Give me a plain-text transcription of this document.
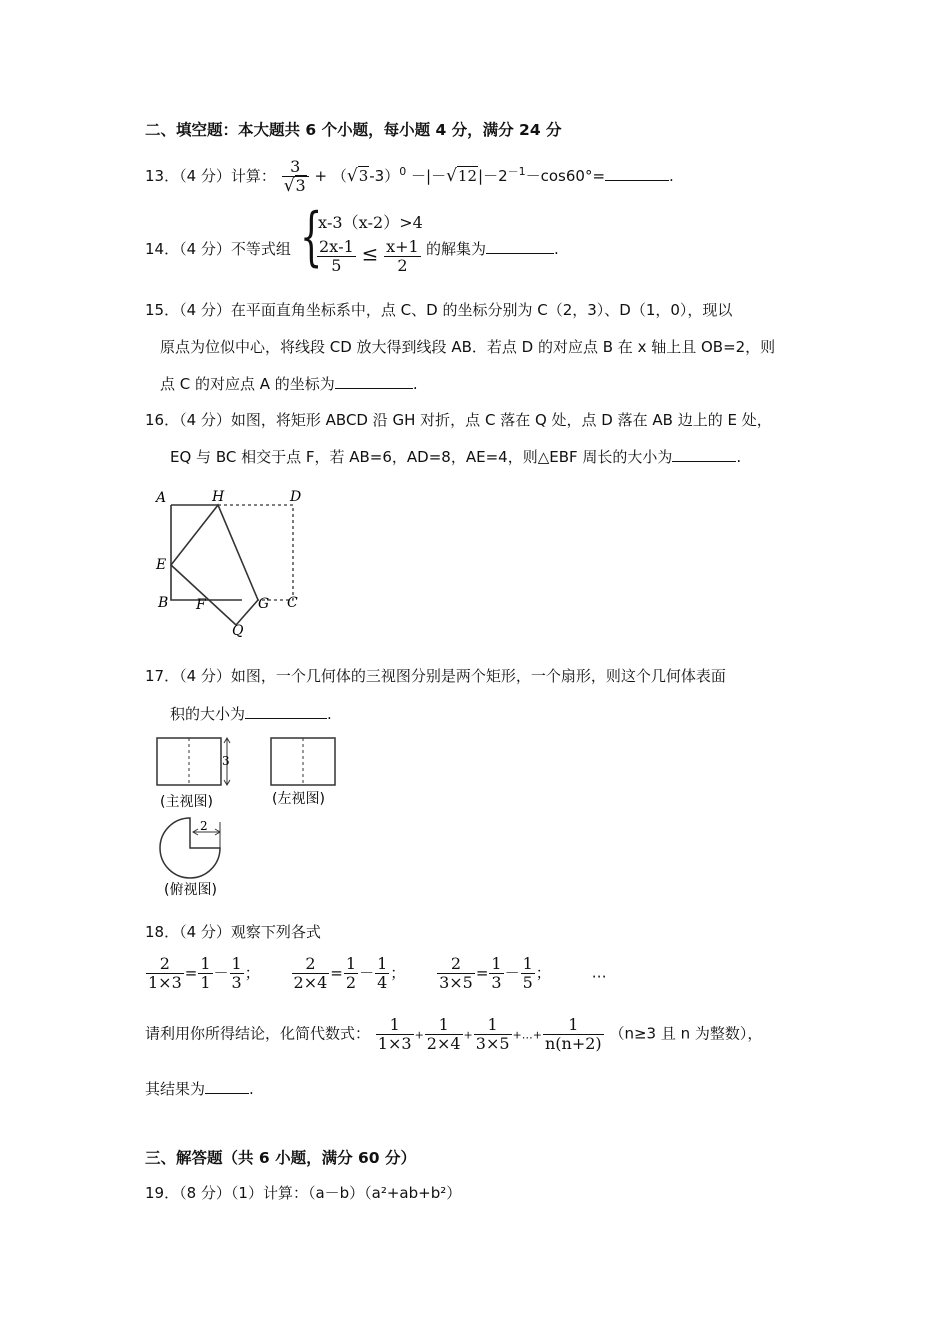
二、填空题：本大题共 6 个小题，每小题 4 分，满分 24 分
13．（4 分）计算： $\frac{3}{√3}$ + （√3‐3）$^0$ $-|-√12|-2^{-1}-\cos 60^\circ=$	.
14．（4 分）不等式组 {
x‐3（x‐2）>4
$\frac{2x‐1}{5} \le \frac{x+1}{2}$ 的解集为	.
15．（4 分）在平面直角坐标系中，点 C、D 的坐标分别为 C（2，3）、D（1，0），现以
原点为位似中心，将线段 CD 放大得到线段 AB．若点 D 的对应点 B 在 x 轴上且 OB=2，则
点 C 的对应点 A 的坐标为	.
16．（4 分）如图，将矩形 ABCD 沿 GH 对折，点 C 落在 Q 处，点 D 落在 AB 边上的 E 处，
EQ 与 BC 相交于点 F，若 AB=6，AD=8，AE=4，则△EBF 周长的大小为	.
A	H	D
E
B F	G C
Q
17．（4 分）如图，一个几何体的三视图分别是两个矩形，一个扇形，则这个几何体表面
积的大小为	.
3
(主视图)	(左视图)
2
(俯视图)
18．（4 分）观察下列各式
$\frac{2}{1\times 3} = \frac{1}{1} - \frac{1}{3}$ ； $\frac{2}{2\times 4} = \frac{1}{2} - \frac{1}{4}$ ； $\frac{2}{3\times 5} = \frac{1}{3} - \frac{1}{5}$ ；	…
请利用你所得结论，化简代数式： $\frac{1}{1\times 3} + \frac{1}{2\times 4} + \frac{1}{3\times 5}$ +…+ $\frac{1}{n(n+2)} (n\ge 3$ 且 n 为整数），
其结果为	.
三、解答题（共 6 小题，满分 60 分）
19．（8 分）（1）计算：（a－b）（a²+ab+b²）
